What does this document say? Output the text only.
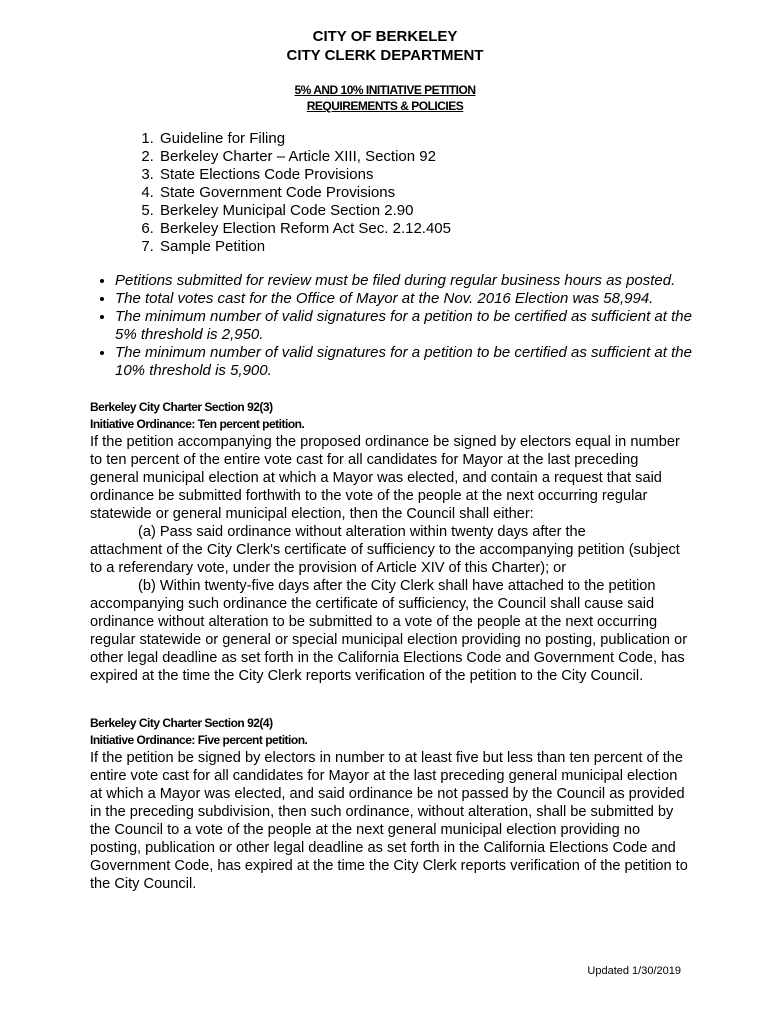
CITY OF BERKELEY
CITY CLERK DEPARTMENT
5% AND 10% INITIATIVE PETITION
REQUIREMENTS & POLICIES
1. Guideline for Filing
2. Berkeley Charter – Article XIII, Section 92
3. State Elections Code Provisions
4. State Government Code Provisions
5. Berkeley Municipal Code Section 2.90
6. Berkeley Election Reform Act Sec. 2.12.405
7. Sample Petition
• Petitions submitted for review must be filed during regular business hours as posted.
• The total votes cast for the Office of Mayor at the Nov. 2016 Election was 58,994.
• The minimum number of valid signatures for a petition to be certified as sufficient at the 5% threshold is 2,950.
• The minimum number of valid signatures for a petition to be certified as sufficient at the 10% threshold is 5,900.
Berkeley City Charter Section 92(3)
Initiative Ordinance: Ten percent petition.
If the petition accompanying the proposed ordinance be signed by electors equal in number to ten percent of the entire vote cast for all candidates for Mayor at the last preceding general municipal election at which a Mayor was elected, and contain a request that said ordinance be submitted forthwith to the vote of the people at the next occurring regular statewide or general municipal election, then the Council shall either:
(a) Pass said ordinance without alteration within twenty days after the
attachment of the City Clerk's certificate of sufficiency to the accompanying petition (subject to a referendary vote, under the provision of Article XIV of this Charter); or
(b) Within twenty-five days after the City Clerk shall have attached to the petition
accompanying such ordinance the certificate of sufficiency, the Council shall cause said ordinance without alteration to be submitted to a vote of the people at the next occurring regular statewide or general or special municipal election providing no posting, publication or other legal deadline as set forth in the California Elections Code and Government Code, has expired at the time the City Clerk reports verification of the petition to the City Council.
Berkeley City Charter Section 92(4)
Initiative Ordinance: Five percent petition.
If the petition be signed by electors in number to at least five but less than ten percent of the entire vote cast for all candidates for Mayor at the last preceding general municipal election at which a Mayor was elected, and said ordinance be not passed by the Council as provided in the preceding subdivision, then such ordinance, without alteration, shall be submitted by the Council to a vote of the people at the next general municipal election providing no posting, publication or other legal deadline as set forth in the California Elections Code and Government Code, has expired at the time the City Clerk reports verification of the petition to the City Council.
Updated 1/30/2019
